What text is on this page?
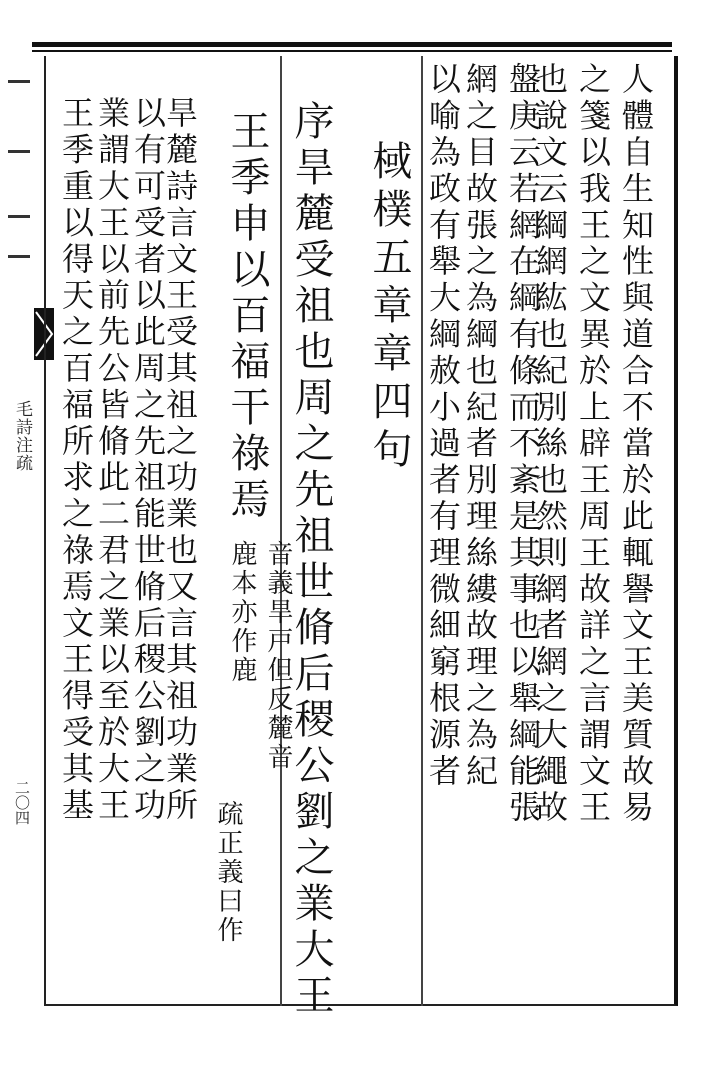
毛詩注疏
二〇四	人體自生知性與道合不當於此輒譽文王美質故易
之箋以我王之文異於上辟王周王故詳之言謂文王
也說文云綱網紘也紀別絲也然則網者網之大繩故
盤庚云若網在綱有條而不紊是其事也以舉綱能張
網之目故張之為綱也紀者別理絲縷故理之為紀
以喻為政有舉大綱赦小過者有理微細窮根源者
棫樸五章章四句
序旱麓受祖也周之先祖世脩后稷公劉之業大王
王季申以百福干祿焉
音義旱戸但反麓音鹿本亦作鹿
疏正義曰作
旱麓詩言文王受其祖之功業也又言其祖功業所
以有可受者以此周之先祖能世脩后稷公劉之功
業謂大王以前先公皆脩此二君之業以至於大王
王季重以得天之百福所求之祿焉文王得受其基
